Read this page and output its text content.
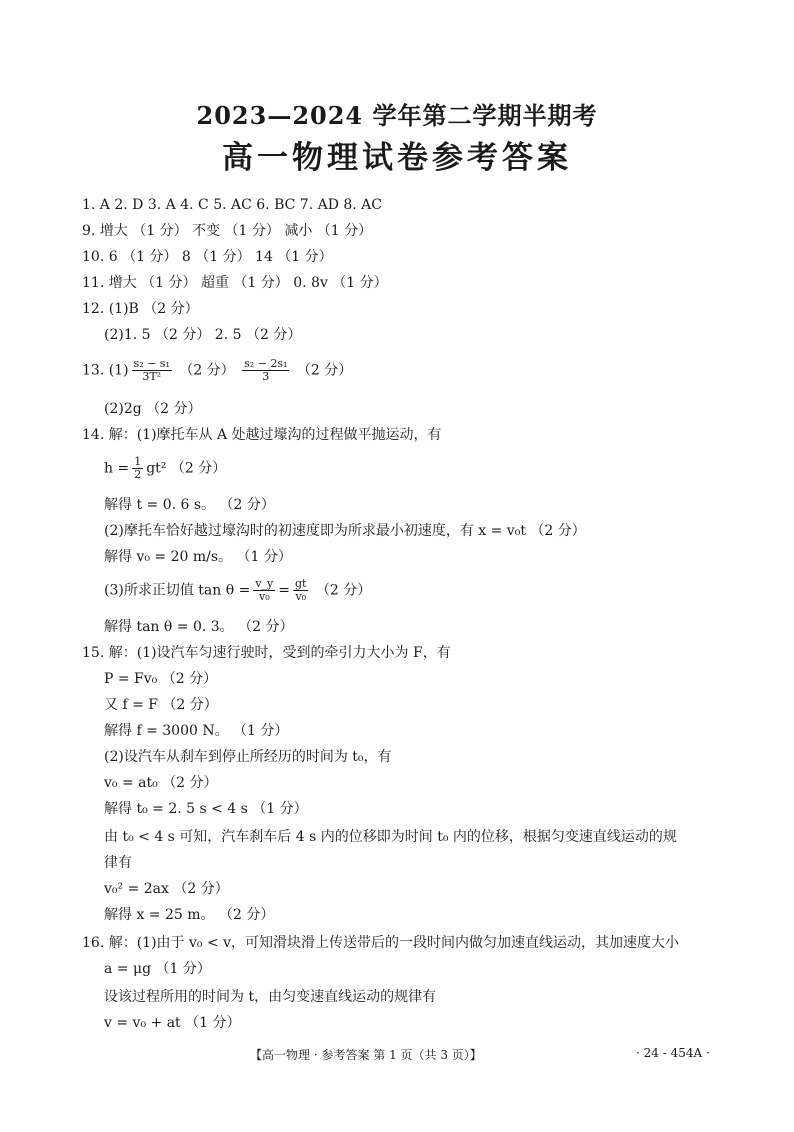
2023—2024 学年第二学期半期考
高一物理试卷参考答案
1. A 2. D 3. A 4. C 5. AC 6. BC 7. AD 8. AC
9. 增大 （1 分） 不变 （1 分） 减小 （1 分）
10. 6 （1 分） 8 （1 分） 14 （1 分）
11. 增大 （1 分） 超重 （1 分） 0. 8v （1 分）
12. (1)B （2 分）
(2)1. 5 （2 分） 2. 5 （2 分）
13. $(1) \frac{\text{s₂ − s₁}}{\text{3T²}} (2$ 分） $\frac{\text{s₂ − 2s₁}}{3} (2$ 分）
(2)2g （2 分）
14. 解：(1)摩托车从 A 处越过壕沟的过程做平抛运动，有
$h = \frac{1}{2} gt^2$ （2 分）
解得 t = 0. 6 s。 （2 分）
(2)摩托车恰好越过壕沟时的初速度即为所求最小初速度，有 x = v₀t （2 分）
解得 v₀ = 20 m/s。 （1 分）
(3)所求正切值 $\tan \theta = \frac{v\_y}{\text{v₀}} = \frac{gt}{\text{v₀}} (2$ 分）
解得 tan θ = 0. 3。 （2 分）
15. 解：(1)设汽车匀速行驶时，受到的牵引力大小为 F，有
P = Fv₀ （2 分）
又 f = F （2 分）
解得 f = 3000 N。 （1 分）
(2)设汽车从刹车到停止所经历的时间为 t₀，有
v₀ = at₀ （2 分）
解得 t₀ = 2. 5 s < 4 s （1 分）
由 t₀ < 4 s 可知，汽车刹车后 4 s 内的位移即为时间 t₀ 内的位移，根据匀变速直线运动的规
律有
v₀² = 2ax （2 分）
解得 x = 25 m。 （2 分）
16. 解：(1)由于 v₀ < v，可知滑块滑上传送带后的一段时间内做匀加速直线运动，其加速度大小
a = μg （1 分）
设该过程所用的时间为 t，由匀变速直线运动的规律有
v = v₀ + at （1 分）
【高一物理 · 参考答案 第 1 页（共 3 页）】	· 24 - 454A ·
